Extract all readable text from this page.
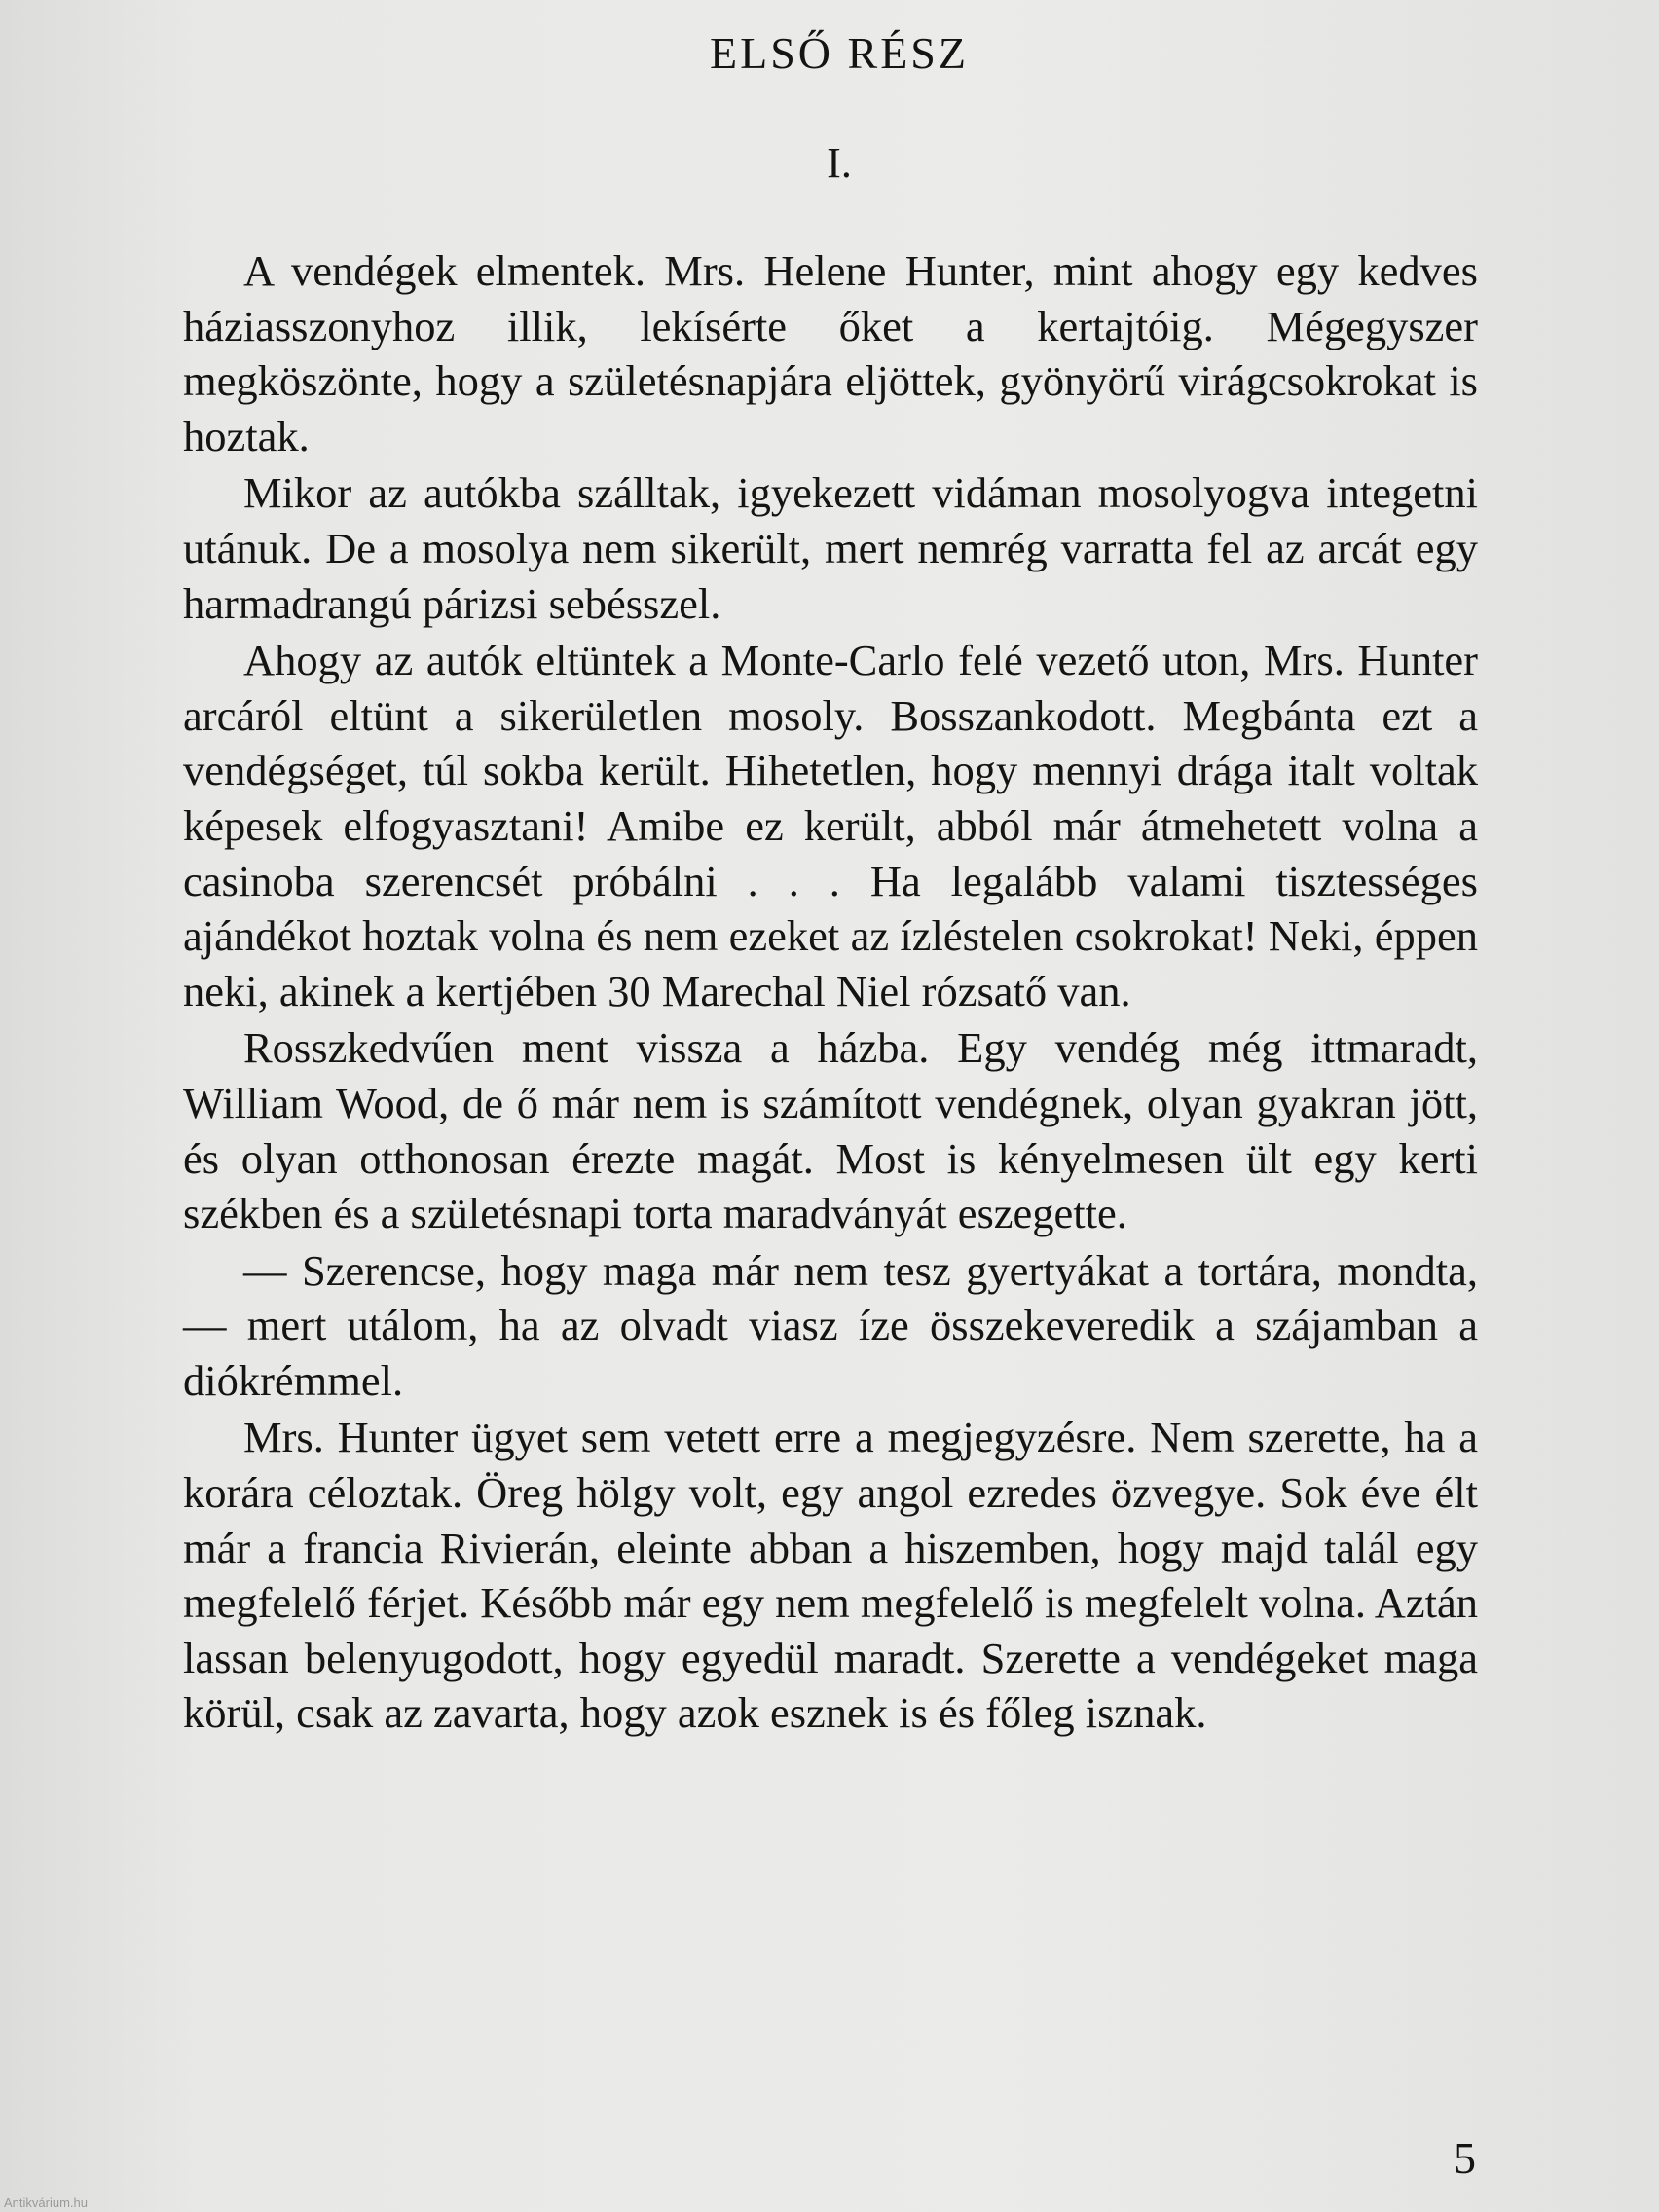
ELSŐ RÉSZ
I.

A vendégek elmentek. Mrs. Helene Hunter, mint ahogy egy kedves háziasszonyhoz illik, lekísérte őket a kertajtóig. Mégegyszer megköszönte, hogy a születésnapjára eljöttek, gyönyörű virágcsokrokat is hoztak.

Mikor az autókba szálltak, igyekezett vidáman mosolyogva integetni utánuk. De a mosolya nem sikerült, mert nemrég varratta fel az arcát egy harmadrangú párizsi sebésszel.

Ahogy az autók eltüntek a Monte-Carlo felé vezető uton, Mrs. Hunter arcáról eltünt a sikerületlen mosoly. Bosszankodott. Megbánta ezt a vendégséget, túl sokba került. Hihetetlen, hogy mennyi drága italt voltak képesek elfogyasztani! Amibe ez került, abból már átmehetett volna a casinoba szerencsét próbálni . . . Ha legalább valami tisztességes ajándékot hoztak volna és nem ezeket az ízléstelen csokrokat! Neki, éppen neki, akinek a kertjében 30 Marechal Niel rózsatő van.

Rosszkedvűen ment vissza a házba. Egy vendég még ittmaradt, William Wood, de ő már nem is számított vendégnek, olyan gyakran jött, és olyan otthonosan érezte magát. Most is kényelmesen ült egy kerti székben és a születésnapi torta maradványát eszegette.

— Szerencse, hogy maga már nem tesz gyertyákat a tortára, mondta, — mert utálom, ha az olvadt viasz íze összekeveredik a szájamban a diókrémmel.

Mrs. Hunter ügyet sem vetett erre a megjegyzésre. Nem szerette, ha a korára céloztak. Öreg hölgy volt, egy angol ezredes özvegye. Sok éve élt már a francia Rivierán, eleinte abban a hiszemben, hogy majd talál egy megfelelő férjet. Később már egy nem megfelelő is megfelelt volna. Aztán lassan belenyugodott, hogy egyedül maradt. Szerette a vendégeket maga körül, csak az zavarta, hogy azok esznek is és főleg isznak.

5
Antikvárium.hu
